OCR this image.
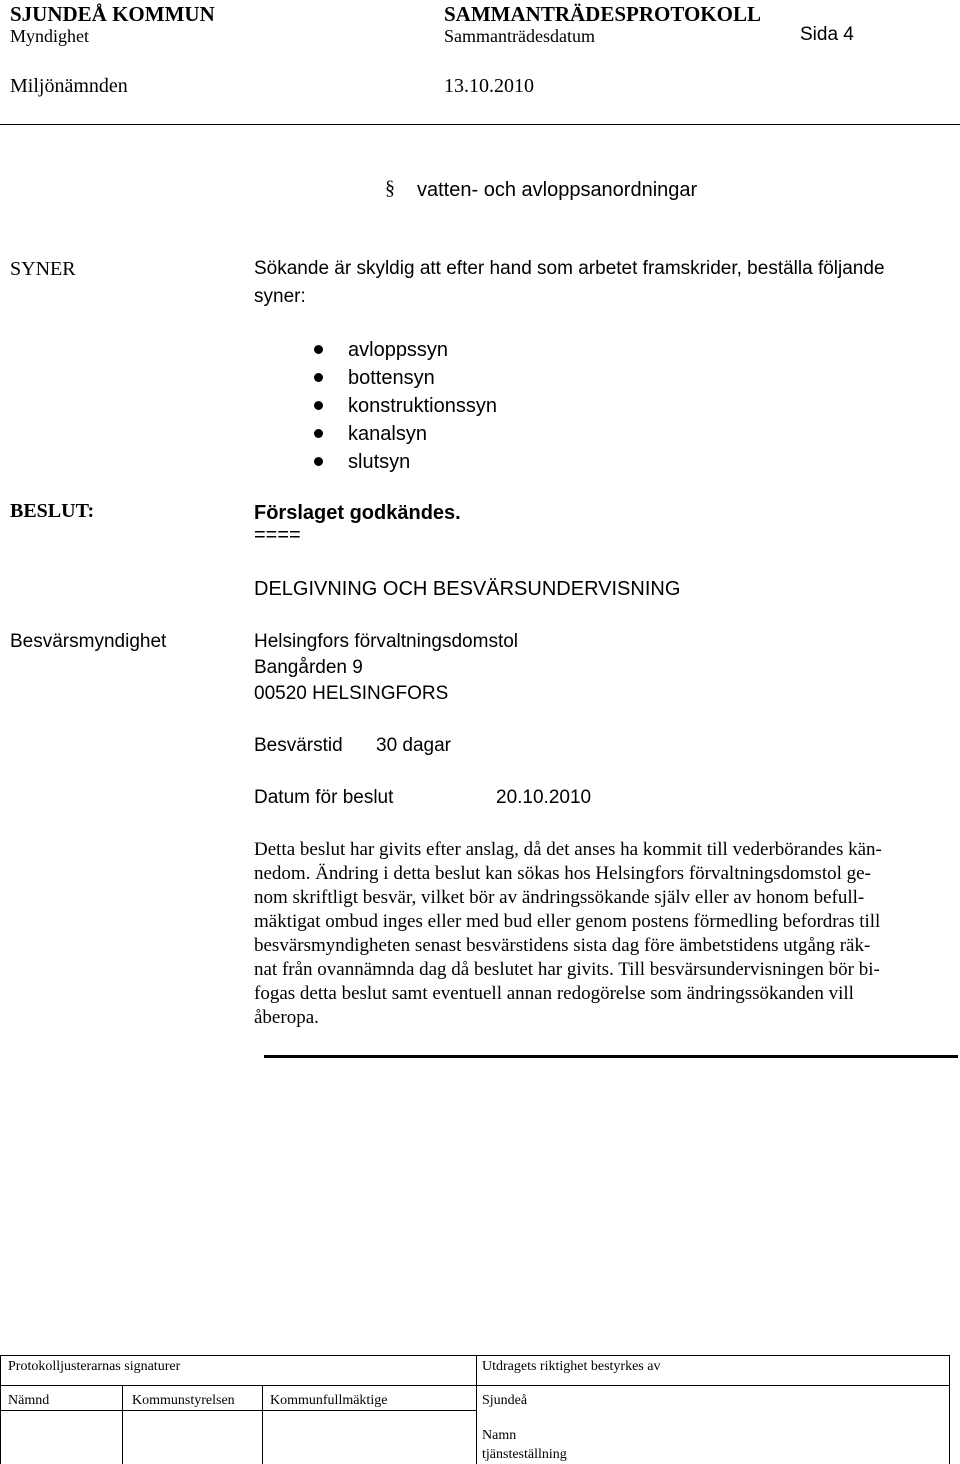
SJUNDEÅ KOMMUN	SAMMANTRÄDESPROTOKOLL
Myndighet	Sammanträdesdatum	Sida 4
Miljönämnden	13.10.2010
§ vatten- och avloppsanordningar
SYNER	Sökande är skyldig att efter hand som arbetet framskrider, beställa följande
syner:
avloppssyn
bottensyn
konstruktionssyn
kanalsyn
slutsyn
BESLUT:	Förslaget godkändes.
====
DELGIVNING OCH BESVÄRSUNDERVISNING
Besvärsmyndighet	Helsingfors förvaltningsdomstol
Bangården 9
00520 HELSINGFORS
Besvärstid 30 dagar
Datum för beslut	20.10.2010
Detta beslut har givits efter anslag, då det anses ha kommit till vederbörandes kän-
nedom. Ändring i detta beslut kan sökas hos Helsingfors förvaltningsdomstol ge-
nom skriftligt besvär, vilket bör av ändringssökande själv eller av honom befull-
mäktigat ombud inges eller med bud eller genom postens förmedling befordras till
besvärsmyndigheten senast besvärstidens sista dag före ämbetstidens utgång räk-
nat från ovannämnda dag då beslutet har givits. Till besvärsundervisningen bör bi-
fogas detta beslut samt eventuell annan redogörelse som ändringssökanden vill
åberopa.
Protokolljusterarnas signaturer	Utdragets riktighet bestyrkes av
Nämnd	Kommunstyrelsen	Kommunfullmäktige	Sjundeå
Namn
tjänsteställning
